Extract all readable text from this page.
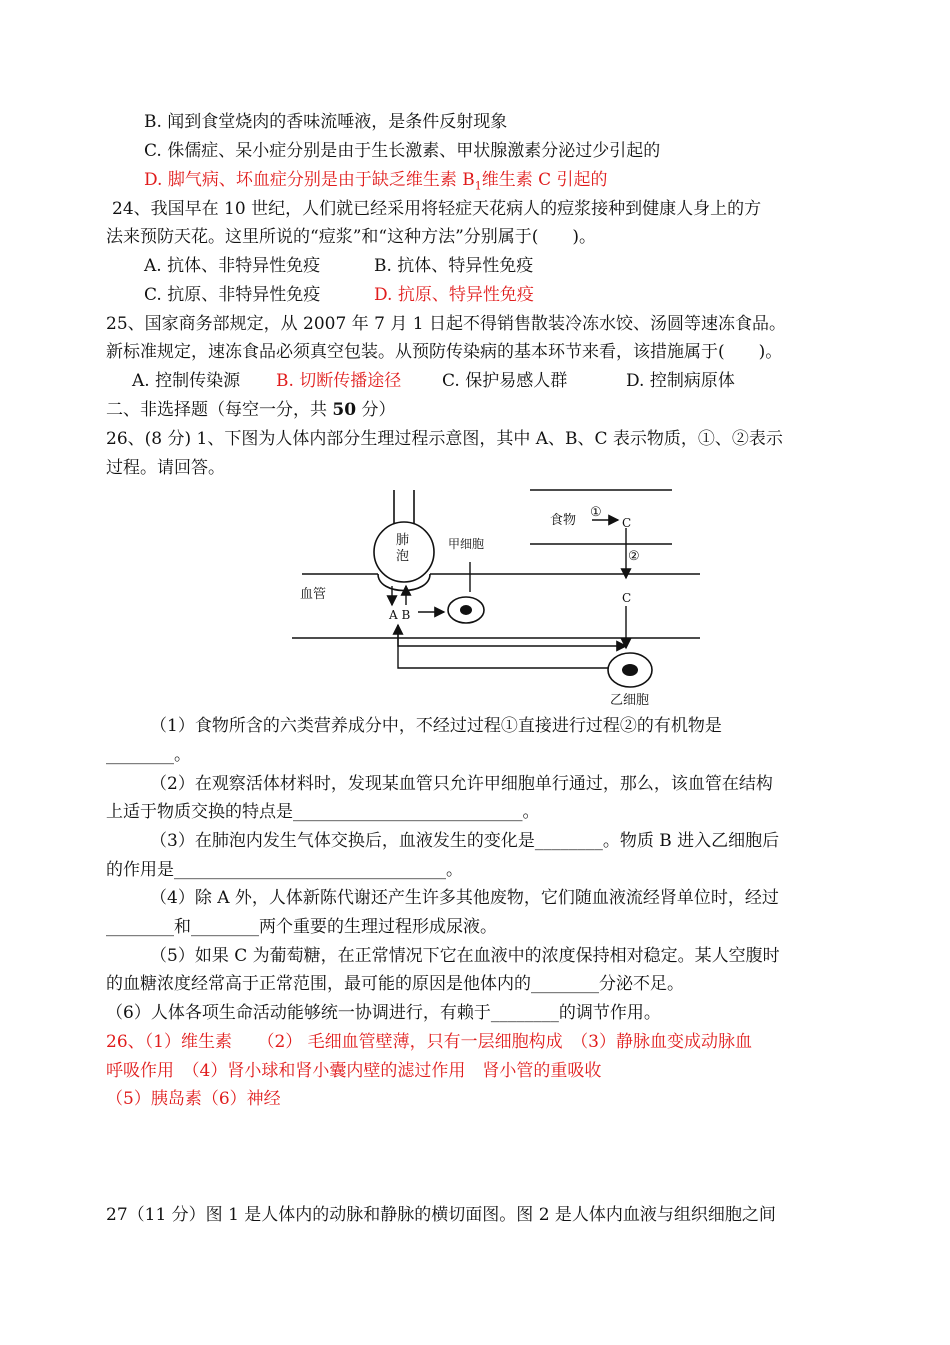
B. 闻到食堂烧肉的香味流唾液，是条件反射现象
C. 侏儒症、呆小症分别是由于生长激素、甲状腺激素分泌过少引起的
D. 脚气病、坏血症分别是由于缺乏维生素 $B_1$维生素 C 引起的
24、我国早在 10 世纪，人们就已经采用将轻症天花病人的痘浆接种到健康人身上的方
法来预防天花。这里所说的“痘浆”和“这种方法”分别属于(　　)。
A. 抗体、非特异性免疫	B. 抗体、特异性免疫
C. 抗原、非特异性免疫	D. 抗原、特异性免疫
25、国家商务部规定，从 2007 年 7 月 1 日起不得销售散装冷冻水饺、汤圆等速冻食品。
新标准规定，速冻食品必须真空包装。从预防传染病的基本环节来看，该措施属于(　　)。
A. 控制传染源 B. 切断传播途径 C. 保护易感人群	D. 控制病原体
二、非选择题（每空一分，共 50 分）
26、(8 分) 1、下图为人体内部分生理过程示意图，其中 A、B、C 表示物质，①、②表示
过程。请回答。
肺
泡
甲细胞
血管
A B
食物
①
C
②
C
乙细胞
（1）食物所含的六类营养成分中，不经过过程①直接进行过程②的有机物是
________。
（2）在观察活体材料时，发现某血管只允许甲细胞单行通过，那么，该血管在结构
上适于物质交换的特点是___________________________。
（3）在肺泡内发生气体交换后，血液发生的变化是________。物质 B 进入乙细胞后
的作用是________________________________。
（4）除 A 外，人体新陈代谢还产生许多其他废物，它们随血液流经肾单位时，经过
________和________两个重要的生理过程形成尿液。
（5）如果 C 为葡萄糖，在正常情况下它在血液中的浓度保持相对稳定。某人空腹时
的血糖浓度经常高于正常范围，最可能的原因是他体内的________分泌不足。
（6）人体各项生命活动能够统一协调进行，有赖于________的调节作用。
26、（1）维生素　　（2） 毛细血管壁薄，只有一层细胞构成　（3）静脉血变成动脉血
呼吸作用　（4）肾小球和肾小囊内壁的滤过作用　肾小管的重吸收
（5）胰岛素（6）神经
27（11 分）图 1 是人体内的动脉和静脉的横切面图。图 2 是人体内血液与组织细胞之间
